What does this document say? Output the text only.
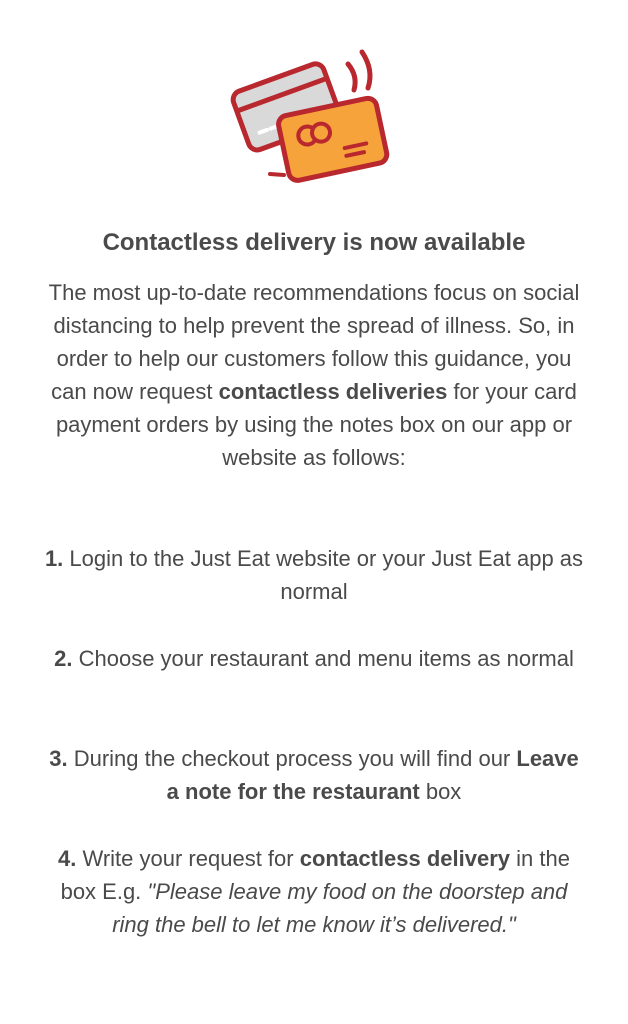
Contactless delivery is now available

The most up-to-date recommendations focus on social distancing to help prevent the spread of illness. So, in order to help our customers follow this guidance, you can now request contactless deliveries for your card payment orders by using the notes box on our app or website as follows:

1. Login to the Just Eat website or your Just Eat app as normal

2. Choose your restaurant and menu items as normal

3. During the checkout process you will find our Leave a note for the restaurant box

4. Write your request for contactless delivery in the box E.g. "Please leave my food on the doorstep and ring the bell to let me know it’s delivered."
